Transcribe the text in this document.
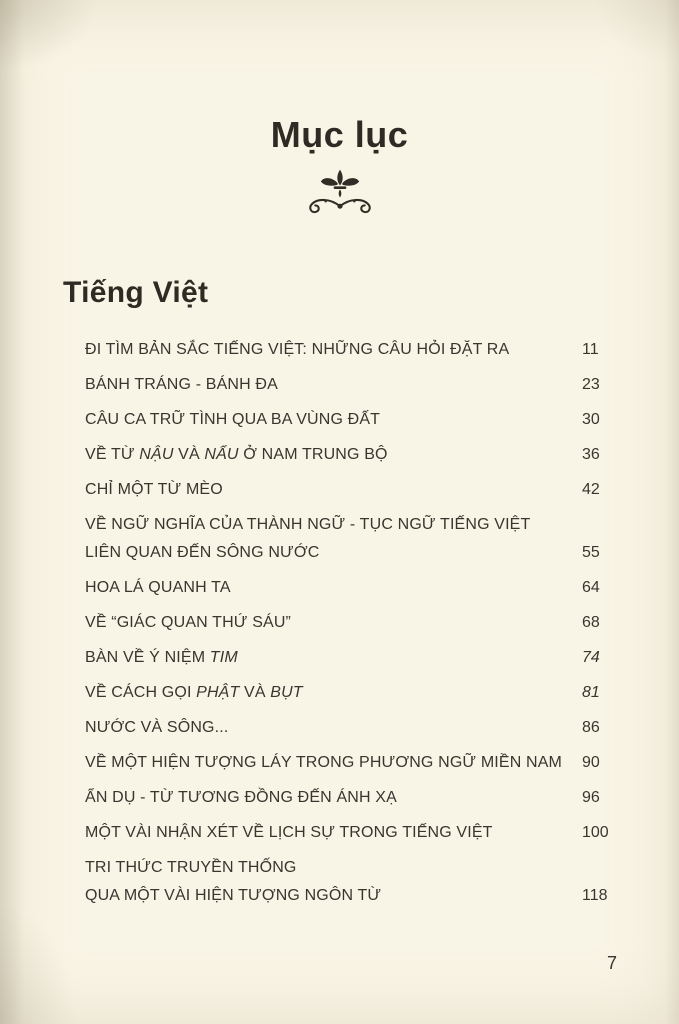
Mục lục
Tiếng Việt
ĐI TÌM BẢN SẮC TIẾNG VIỆT: NHỮNG CÂU HỎI ĐẶT RA	11
BÁNH TRÁNG - BÁNH ĐA	23
CÂU CA TRỮ TÌNH QUA BA VÙNG ĐẤT	30
VỀ TỪ NẬU VÀ NẨU Ở NAM TRUNG BỘ	36
CHỈ MỘT TỪ MÈO	42
VỀ NGỮ NGHĨA CỦA THÀNH NGỮ - TỤC NGỮ TIẾNG VIỆT
LIÊN QUAN ĐẾN SÔNG NƯỚC	55
HOA LÁ QUANH TA	64
VỀ “GIÁC QUAN THỨ SÁU”	68
BÀN VỀ Ý NIỆM TIM	74
VỀ CÁCH GỌI PHẬT VÀ BỤT	81
NƯỚC VÀ SÔNG...	86
VỀ MỘT HIỆN TƯỢNG LÁY TRONG PHƯƠNG NGỮ MIỀN NAM	90
ẨN DỤ - TỪ TƯƠNG ĐỒNG ĐẾN ÁNH XẠ	96
MỘT VÀI NHẬN XÉT VỀ LỊCH SỰ TRONG TIẾNG VIỆT	100
TRI THỨC TRUYỀN THỐNG
QUA MỘT VÀI HIỆN TƯỢNG NGÔN TỪ	118
7
